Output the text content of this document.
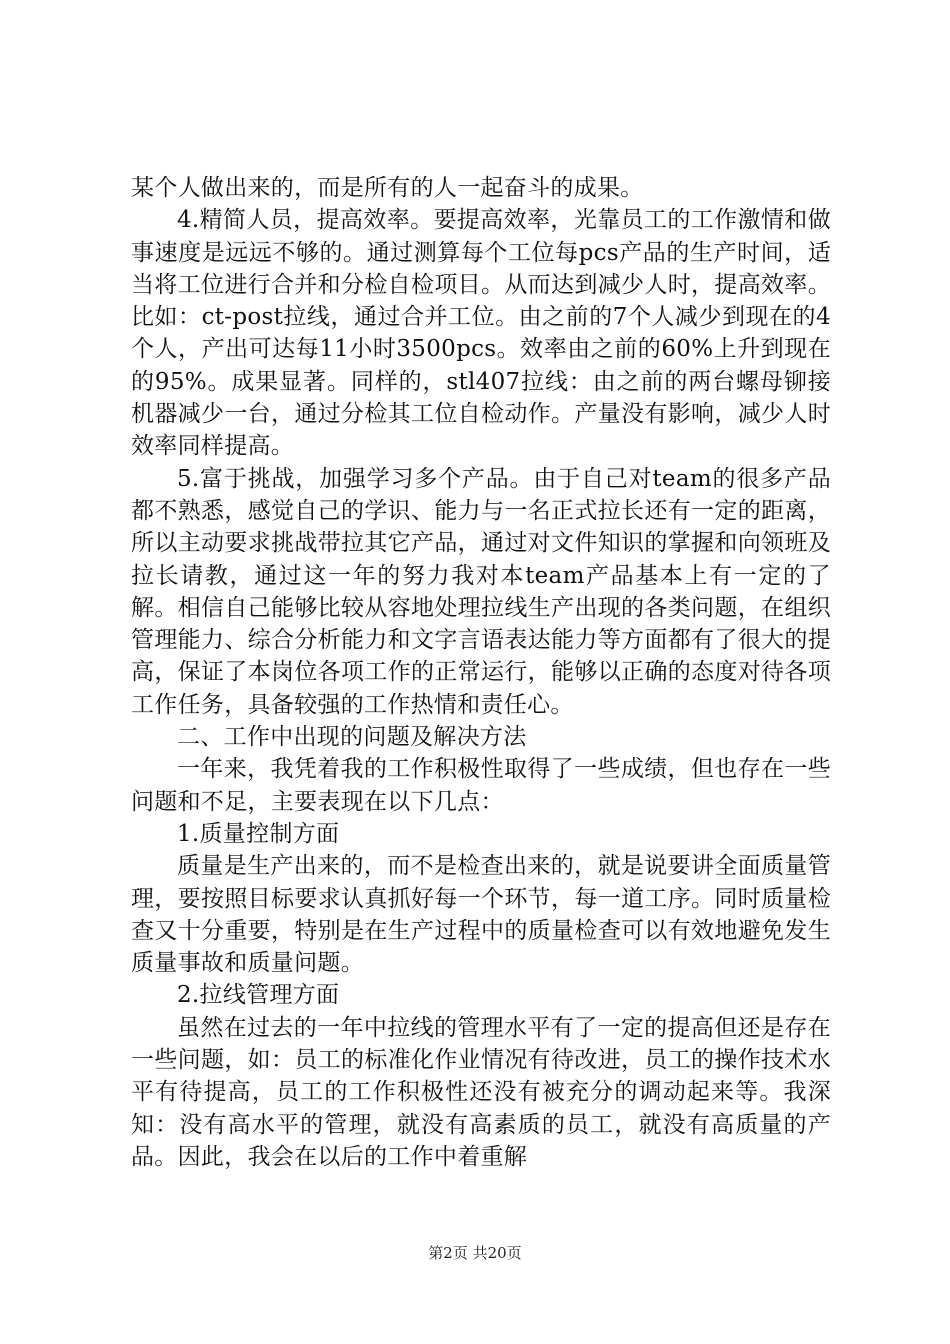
某个人做出来的，而是所有的人一起奋斗的成果。

4.精简人员，提高效率。要提高效率，光靠员工的工作激情和做事速度是远远不够的。通过测算每个工位每pcs产品的生产时间，适当将工位进行合并和分检自检项目。从而达到减少人时，提高效率。比如：ct-post拉线，通过合并工位。由之前的7个人减少到现在的4个人，产出可达每11小时3500pcs。效率由之前的60%上升到现在的95%。成果显著。同样的，stl407拉线：由之前的两台螺母铆接机器减少一台，通过分检其工位自检动作。产量没有影响，减少人时效率同样提高。

5.富于挑战，加强学习多个产品。由于自己对team的很多产品都不熟悉，感觉自己的学识、能力与一名正式拉长还有一定的距离，所以主动要求挑战带拉其它产品，通过对文件知识的掌握和向领班及拉长请教，通过这一年的努力我对本team产品基本上有一定的了解。相信自己能够比较从容地处理拉线生产出现的各类问题，在组织管理能力、综合分析能力和文字言语表达能力等方面都有了很大的提高，保证了本岗位各项工作的正常运行，能够以正确的态度对待各项工作任务，具备较强的工作热情和责任心。

二、工作中出现的问题及解决方法

一年来，我凭着我的工作积极性取得了一些成绩，但也存在一些问题和不足，主要表现在以下几点：

1.质量控制方面

质量是生产出来的，而不是检查出来的，就是说要讲全面质量管理，要按照目标要求认真抓好每一个环节，每一道工序。同时质量检查又十分重要，特别是在生产过程中的质量检查可以有效地避免发生质量事故和质量问题。

2.拉线管理方面

虽然在过去的一年中拉线的管理水平有了一定的提高但还是存在一些问题，如：员工的标准化作业情况有待改进，员工的操作技术水平有待提高，员工的工作积极性还没有被充分的调动起来等。我深知：没有高水平的管理，就没有高素质的员工，就没有高质量的产品。因此，我会在以后的工作中着重解

第2页 共20页
